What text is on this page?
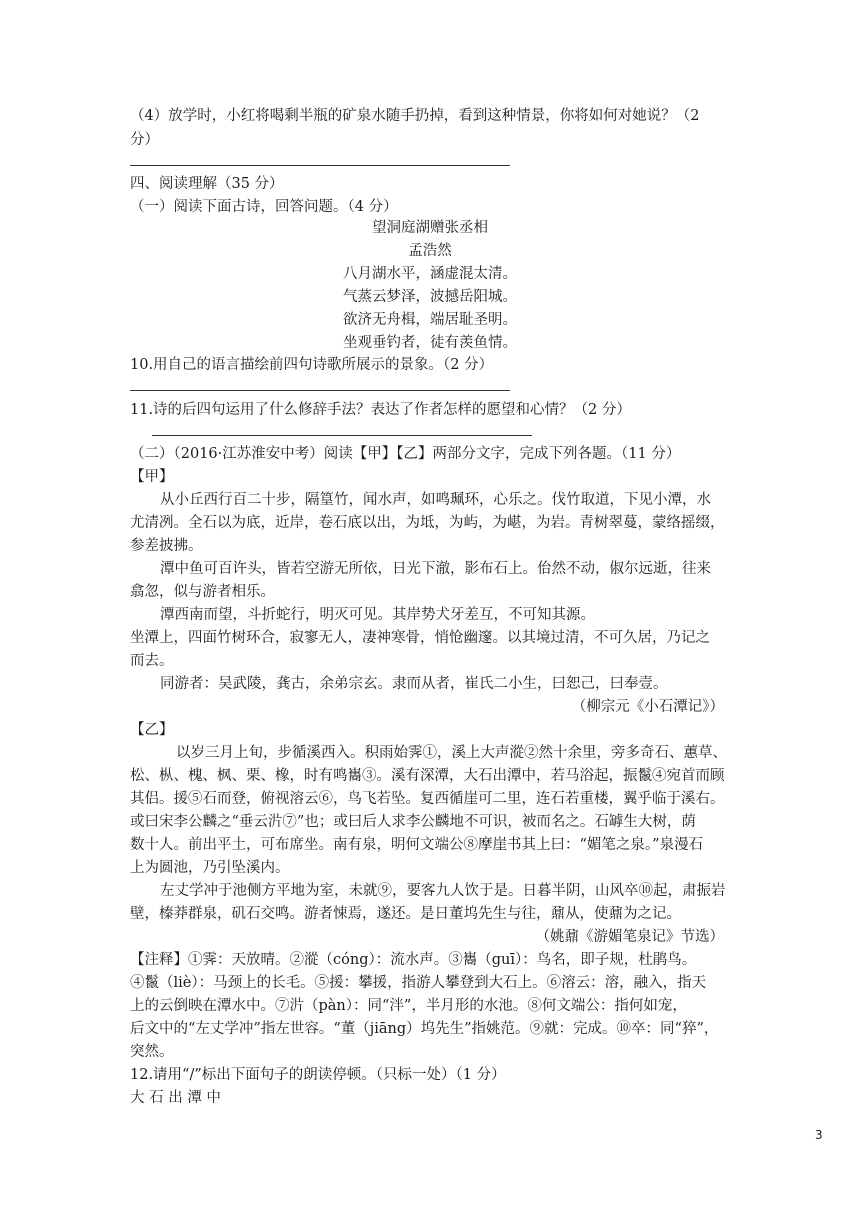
（4）放学时，小红将喝剩半瓶的矿泉水随手扔掉，看到这种情景，你将如何对她说？（2
分）
四、阅读理解（35 分）
（一）阅读下面古诗，回答问题。（4 分）
望洞庭湖赠张丞相
孟浩然
八月湖水平，涵虚混太清。
气蒸云梦泽，波撼岳阳城。
欲济无舟楫，端居耻圣明。
坐观垂钓者，徒有羡鱼情。
10.用自己的语言描绘前四句诗歌所展示的景象。（2 分）
11.诗的后四句运用了什么修辞手法？表达了作者怎样的愿望和心情？（2 分）
（二）（2016·江苏淮安中考）阅读【甲】【乙】两部分文字，完成下列各题。（11 分）
【甲】
从小丘西行百二十步，隔篁竹，闻水声，如鸣珮环，心乐之。伐竹取道，下见小潭，水
尤清冽。全石以为底，近岸，卷石底以出，为坻，为屿，为嵁，为岩。青树翠蔓，蒙络摇缀，
参差披拂。
潭中鱼可百许头，皆若空游无所依，日光下澈，影布石上。佁然不动，俶尔远逝，往来
翕忽，似与游者相乐。
潭西南而望，斗折蛇行，明灭可见。其岸势犬牙差互，不可知其源。
坐潭上，四面竹树环合，寂寥无人，凄神寒骨，悄怆幽邃。以其境过清，不可久居，乃记之
而去。
同游者：吴武陵，龚古，余弟宗玄。隶而从者，崔氏二小生，曰恕己，曰奉壹。
（柳宗元《小石潭记》）
【乙】
以岁三月上旬，步循溪西入。积雨始霁①，溪上大声漎②然十余里，旁多奇石、蕙草、
松、枞、槐、枫、栗、橡，时有鸣巂③。溪有深潭，大石出潭中，若马浴起，振鬣④宛首而顾
其侣。援⑤石而登，俯视溶云⑥，鸟飞若坠。复西循崖可二里，连石若重楼，翼乎临于溪右。
或曰宋李公麟之“垂云沜⑦”也；或曰后人求李公麟地不可识，被而名之。石罅生大树，荫
数十人。前出平土，可布席坐。南有泉，明何文端公⑧摩崖书其上曰：“媚笔之泉。”泉漫石
上为圆池，乃引坠溪内。
左丈学冲于池侧方平地为室，未就⑨，要客九人饮于是。日暮半阴，山风卒⑩起，肃振岩
壁，榛莽群泉，矶石交鸣。游者悚焉，遂还。是日董坞先生与往，鼐从，使鼐为之记。
（姚鼐《游媚笔泉记》节选）
【注释】①霁：天放晴。②漎（cóng）：流水声。③巂（guī）：鸟名，即子规，杜鹃鸟。
④鬣（liè）：马颈上的长毛。⑤援：攀援，指游人攀登到大石上。⑥溶云：溶，融入，指天
上的云倒映在潭水中。⑦沜（pàn）：同“泮”，半月形的水池。⑧何文端公：指何如宠，
后文中的“左丈学冲”指左世容。“董（jiāng）坞先生”指姚范。⑨就：完成。⑩卒：同“猝”，
突然。
12.请用“/”标出下面句子的朗读停顿。（只标一处）（1 分）
大 石 出 潭 中
3
